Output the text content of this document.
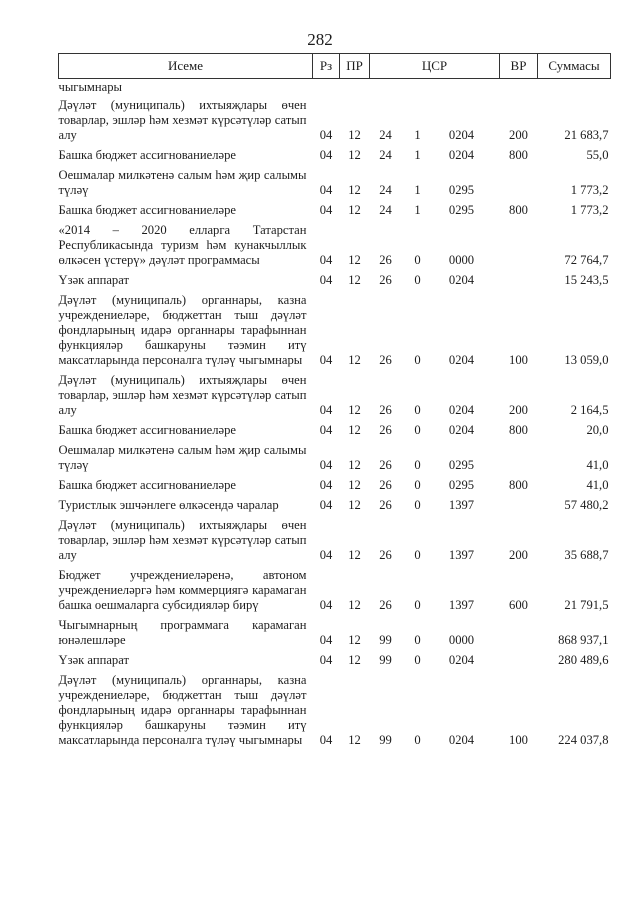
282
Исеме	Рз	ПР	ЦСР	ВР	Суммасы
чыгымнары			

Дәүләт (муниципаль) ихтыяҗлары өчен товарлар, эшләр һәм хезмәт күрсәтүләр сатып алу	04	12	24 1 0204	200	21 683,7
Башка бюджет ассигнованиеләре	04	12	24 1 0204	800	55,0
Оешмалар милкәтенә салым һәм җир салымы түләү	04	12	24 1 0295		1 773,2
Башка бюджет ассигнованиеләре	04	12	24 1 0295	800	1 773,2
«2014 – 2020 елларга Татарстан Республикасында туризм һәм кунакчыллык өлкәсен үстерү» дәүләт программасы	04	12	26 0 0000		72 764,7
Үзәк аппарат	04	12	26 0 0204		15 243,5
Дәүләт (муниципаль) органнары, казна учреждениеләре, бюджеттан тыш дәүләт фондларының идарә органнары тарафыннан функцияләр башкаруны тәэмин итү максатларында персоналга түләү чыгымнары	04	12	26 0 0204	100	13 059,0
Дәүләт (муниципаль) ихтыяҗлары өчен товарлар, эшләр һәм хезмәт күрсәтүләр сатып алу	04	12	26 0 0204	200	2 164,5
Башка бюджет ассигнованиеләре	04	12	26 0 0204	800	20,0
Оешмалар милкәтенә салым һәм җир салымы түләү	04	12	26 0 0295		41,0
Башка бюджет ассигнованиеләре	04	12	26 0 0295	800	41,0
Туристлык эшчәнлеге өлкәсендә чаралар	04	12	26 0 1397		57 480,2
Дәүләт (муниципаль) ихтыяҗлары өчен товарлар, эшләр һәм хезмәт күрсәтүләр сатып алу	04	12	26 0 1397	200	35 688,7
Бюджет учреждениеләренә, автоном учреждениеләргә һәм коммерциягә карамаган башка оешмаларга субсидияләр бирү	04	12	26 0 1397	600	21 791,5
Чыгымнарның программага карамаган юнәлешләре	04	12	99 0 0000		868 937,1
Үзәк аппарат	04	12	99 0 0204		280 489,6
Дәүләт (муниципаль) органнары, казна учреждениеләре, бюджеттан тыш дәүләт фондларының идарә органнары тарафыннан функцияләр башкаруны тәэмин итү максатларында персоналга түләү чыгымнары	04	12	99 0 0204	100	224 037,8
